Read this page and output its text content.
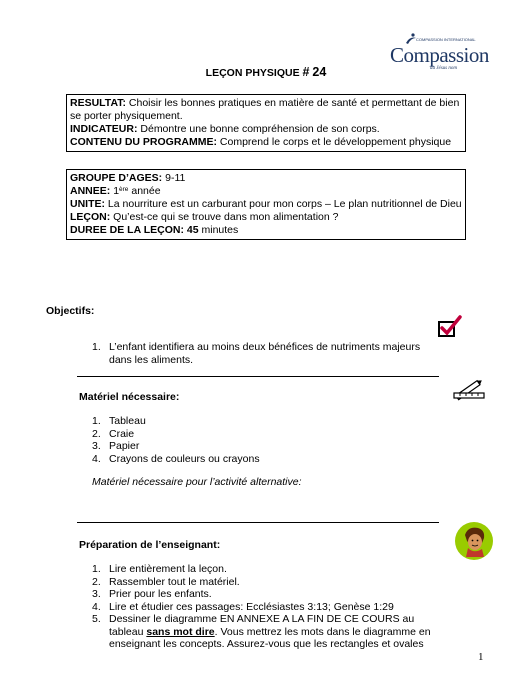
COMPASSION INTERNATIONAL
Compassion
au Jésus nom
LEÇON PHYSIQUE # 24

RESULTAT: Choisir les bonnes pratiques en matière de santé et permettant de bien se porter physiquement.

INDICATEUR: Démontre une bonne compréhension de son corps.

CONTENU DU PROGRAMME: Comprend le corps et le développement physique

GROUPE D’AGES: 9-11

ANNEE: 1ère année

UNITE: La nourriture est un carburant pour mon corps – Le plan nutritionnel de Dieu

LEÇON: Qu’est-ce qui se trouve dans mon alimentation ?

DUREE DE LA LEÇON: 45 minutes

Objectifs:
1. L’enfant identifiera au moins deux bénéfices de nutriments majeurs dans les aliments.
Matériel nécessaire:
1. Tableau
2. Craie
3. Papier
4. Crayons de couleurs ou crayons
Matériel nécessaire pour l’activité alternative:
Préparation de l’enseignant:
1. Lire entièrement la leçon.
2. Rassembler tout le matériel.
3. Prier pour les enfants.
4. Lire et étudier ces passages: Ecclésiastes 3:13; Genèse 1:29
5. Dessiner le diagramme EN ANNEXE A LA FIN DE CE COURS au tableau sans mot dire. Vous mettrez les mots dans le diagramme en enseignant les concepts. Assurez-vous que les rectangles et ovales
1
